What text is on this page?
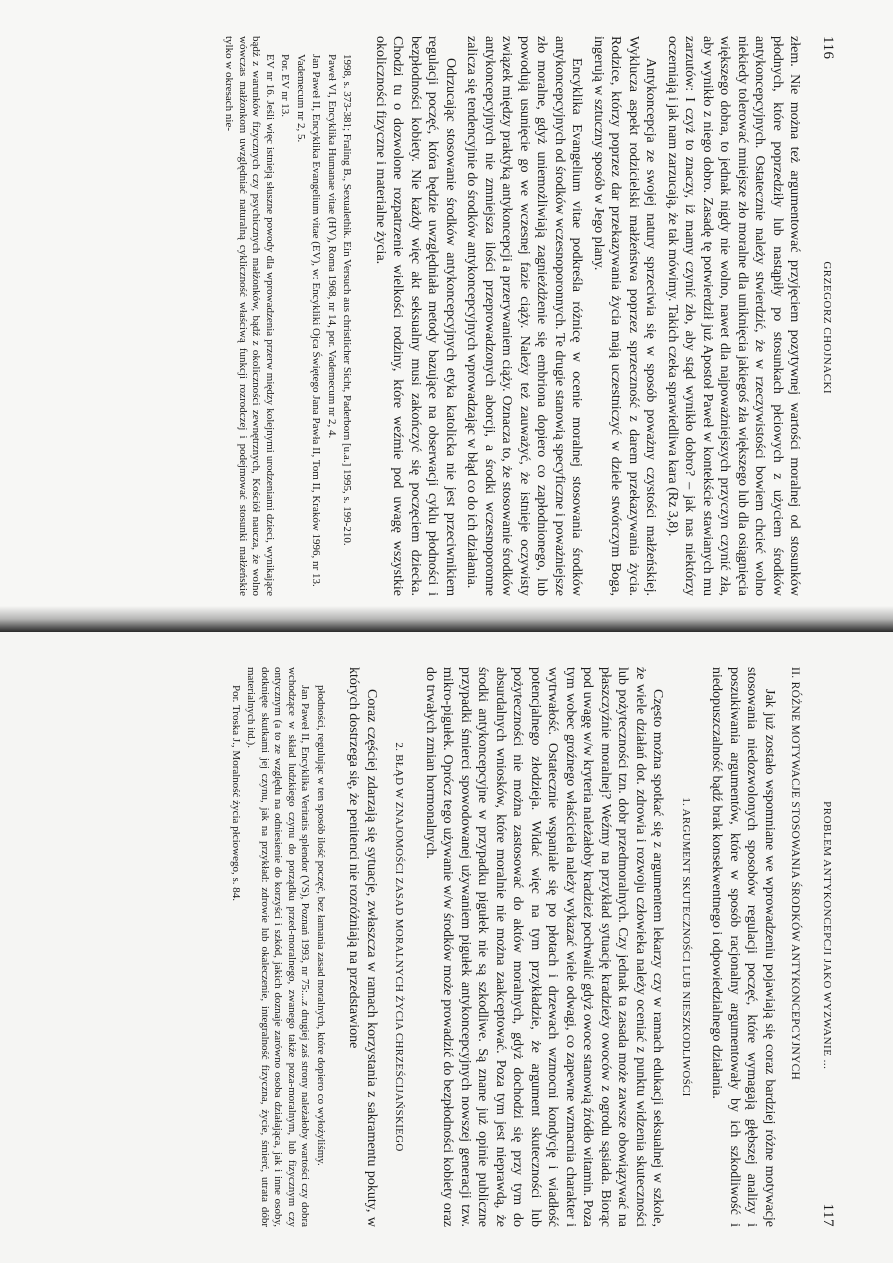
116
GRZEGORZ CHOJNACKI

złem. Nie można też argumentować przyjęciem pozytywnej wartości moralnej od stosunków płodnych, które poprzedziły lub nastąpiły po stosunkach płciowych z użyciem środków antykoncepcyjnych. Ostatecznie należy stwierdzić, że w rzeczywistości bowiem chcieć wolno niekiedy tolerować mniejsze zło moralne dla uniknięcia jakiegoś zła większego lub dla osiągnięcia większego dobra, to jednak nigdy nie wolno, nawet dla najpoważniejszych przyczyn czynić zła, aby wynikło z niego dobro. Zasadę tę potwierdził już Apostoł Paweł w kontekście stawianych mu zarzutów: I czyż to znaczy, iż mamy czynić zło, aby stąd wynikło dobro? – jak nas niektórzy oczerniają i jak nam zarzucają, że tak mówimy. Takich czeka sprawiedliwa kara (Rz 3,8).

Antykoncepcja ze swojej natury sprzeciwia się w sposób poważny czystości małżeńskiej. Wyklucza aspekt rodzicielski małżeństwa poprzez sprzeczność z darem przekazywania życia. Rodzice, którzy poprzez dar przekazywania życia mają uczestniczyć w dziele stwórczym Boga, ingerują w sztuczny sposób w Jego plany.

Encyklika Evangelium vitae podkreśla różnicę w ocenie moralnej stosowania środków antykoncepcyjnych od środków wczesnoporonnych. Te drugie stanowią specyficzne i poważniejsze zło moralne, gdyż uniemożliwiają zagnieżdżenie się embriona dopiero co zapłodnionego, lub powodują usunięcie go we wczesnej fazie ciąży. Należy też zauważyć, że istnieje oczywisty związek między praktyką antykoncepcji a przerywaniem ciąży. Oznacza to, że stosowanie środków antykoncepcyjnych nie zmniejsza ilości przeprowadzonych aborcji, a środki wczesnoporonne zalicza się tendencyjnie do środków antykoncepcyjnych wprowadzając w błąd co do ich działania.

Odrzucając stosowanie środków antykoncepcyjnych etyka katolicka nie jest przeciwnikiem regulacji poczęć, która będzie uwzględniała metody bazujące na obserwacji cyklu płodności i bezpłodności kobiety. Nie każdy więc akt seksualny musi zakończyć się poczęciem dziecka. Chodzi tu o dozwolone rozpatrzenie wielkości rodziny, które weźmie pod uwagę wszystkie okoliczności fizyczne i materialne życia.

1998, s. 373-381; Fraling B., Sexualethik. Ein Versuch aus christlicher Sicht, Paderborn [u.a.] 1995, s. 199-210.

Paweł VI, Encyklika Humanae vitae (HV), Roma 1968, nr 14, por. Vademecum nr 2, 4.

Jan Paweł II, Encyklika Evangelium vitae (EV), w: Encykliki Ojca Świętego Jana Pawła II, Tom II, Kraków 1996, nr 13.

Vademecum nr 2, 5.

Por. EV nr 13.

EV nr 16. Jeśli więc istnieją słuszne powody dla wprowadzenia przerw między kolejnymi urodzeniami dzieci, wynikające bądź z warunków fizycznych czy psychicznych małżonków, bądź z okoliczności zewnętrznych, Kościół naucza, że wolno wówczas małżonkom uwzględniać naturalną cykliczność właściwą funkcji rozrodczej i podejmować stosunki małżeńskie tylko w okresach nie-

PROBLEM ANTYKONCEPCJI JAKO WYZWANIE ...
117
II. RÓŻNE MOTYWACJE STOSOWANIA ŚRODKÓW ANTYKONCEPCYJNYCH

Jak już zostało wspomniane we wprowadzeniu pojawiają się coraz bardziej różne motywacje stosowania niedozwolonych sposobów regulacji poczęć, które wymagają głębszej analizy i poszukiwania argumentów, które w sposób racjonalny argumentowały by ich szkodliwość i niedopuszczalność bądź brak konsekwentnego i odpowiedzialnego działania.

1. ARGUMENT SKUTECZNOŚCI LUB NIESZKODLIWOŚCI

Często można spotkać się z argumentem lekarzy czy w ramach edukacji seksualnej w szkole, że wiele działań dot. zdrowia i rozwoju człowieka należy oceniać z punktu widzenia skuteczności lub pożyteczności tzn. dobr przedmoralnych. Czy jednak ta zasada może zawsze obowiązywać na płaszczyźnie moralnej? Weźmy na przykład sytuację kradzieży owoców z ogrodu sąsiada. Biorąc pod uwagę w/w kryteria należałoby kradzież pochwalić gdyż owoce stanowią źródło witamin. Poza tym wobec groźnego właściciela należy wykazać wiele odwagi, co zapewne wzmacnia charakter i wytrwałość. Ostatecznie wspaniale się po płotach i drzewach wzmocni kondycję i wiadłość potencjalnego złodzieja. Widać więc na tym przykładzie, że argument skuteczności lub pożyteczności nie można zastosować do aktów moralnych, gdyż dochodzi się przy tym do absurdalnych wniosków, które moralnie nie można zaakceptować. Poza tym jest nieprawdą, że środki antykoncepcyjne w przypadku pigułek nie są szkodliwe. Są znane już opinie publiczne przypadki śmierci spowodowanej używaniem pigułek antykoncepcyjnych nowszej generacji tzw. mikro-pigułek. Oprócz tego używanie w/w środków może prowadzić do bezpłodności kobiety oraz do trwałych zmian hormonalnych.

2. BŁĄD W ZNAJOMOŚCI ZASAD MORALNYCH ŻYCIA CHRZEŚCIJAŃSKIEGO

Coraz częściej zdarzają się sytuacje, zwłaszcza w ramach korzystania z sakramentu pokuty, w których dostrzega się, że penitenci nie rozróżniają na przedstawione

płodności, regulując w ten sposób ilość poczęć, bez łamania zasad moralnych, które dopiero co wyłożyliśmy.

Jan Paweł II, Encyklika Veritatis splendor (VS), Poznań 1993, nr 75:...z drugiej zaś strony należałoby wartości czy dobra wchodzące w skład ludzkiego czynu do porządku przed-moralnego, zwanego także poza-moralnym, lub fizycznym czy ontycznym (a to ze względu na odniesienie do korzyści i szkód, jakich doznaje zarówno osoba działająca, jak i inne osoby, dotknięte skutkami jej czynu, jak na przykład: zdrowie lub okaleczenie, integralność fizyczna, życie, śmierć, utrata dóbr materialnych itd.).

Por. Troska J., Moralność życia płciowego, s. 84.
